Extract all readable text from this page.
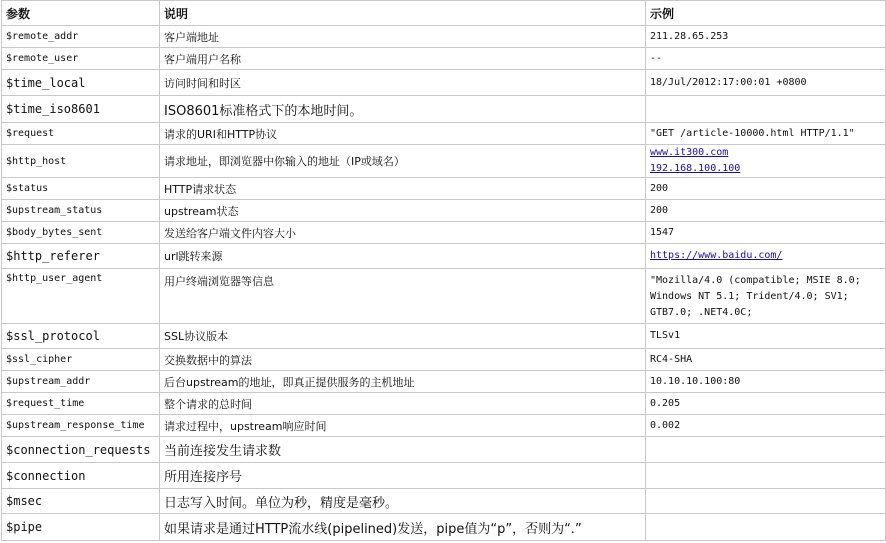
参数	说明	示例
$remote_addr	客户端地址	211.28.65.253

$remote_user	客户端用户名称	--

$time_local	访问时间和时区	18/Jul/2012:17:00:01 +0800

$time_iso8601	ISO8601标准格式下的本地时间。	
$request	请求的URI和HTTP协议	"GET /article-10000.html HTTP/1.1"

$http_host	请求地址，即浏览器中你输入的地址（IP或域名）	www.it300.com
192.168.100.100

$status	HTTP请求状态	200

$upstream_status	upstream状态	200

$body_bytes_sent	发送给客户端文件内容大小	1547

$http_referer	url跳转来源	https://www.baidu.com/

$http_user_agent	用户终端浏览器等信息	"Mozilla/4.0 (compatible; MSIE 8.0;
Windows NT 5.1; Trident/4.0; SV1;
GTB7.0; .NET4.0C;

$ssl_protocol	SSL协议版本	TLSv1

$ssl_cipher	交换数据中的算法	RC4-SHA

$upstream_addr	后台upstream的地址，即真正提供服务的主机地址	10.10.10.100:80

$request_time	整个请求的总时间	0.205

$upstream_response_time	请求过程中，upstream响应时间	0.002

$connection_requests	当前连接发生请求数	
$connection	所用连接序号	
$msec	日志写入时间。单位为秒，精度是毫秒。	
$pipe	如果请求是通过HTTP流水线(pipelined)发送，pipe值为“p”，否则为“.”	
